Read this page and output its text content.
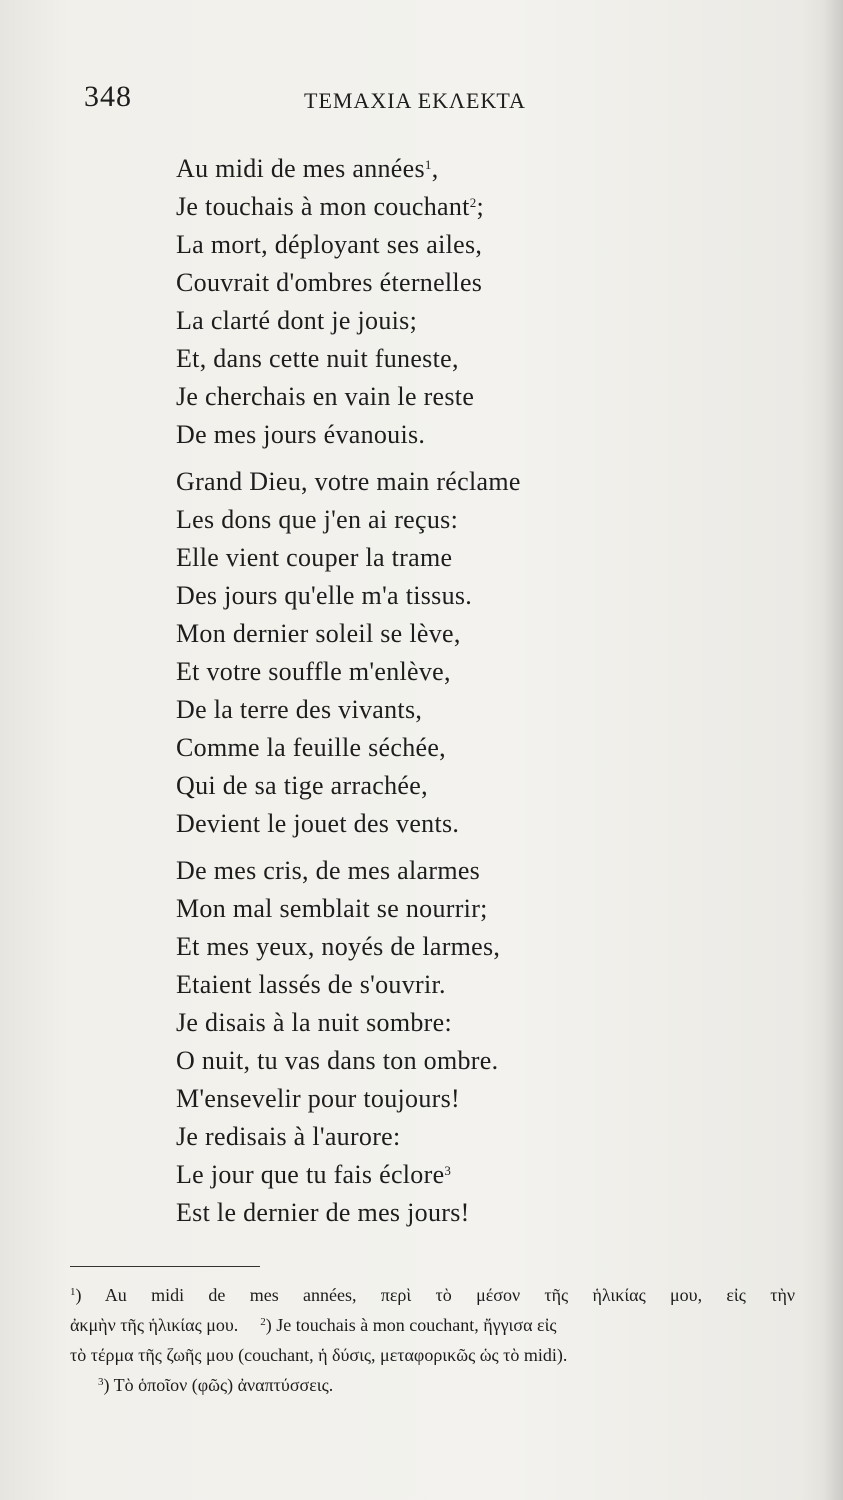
348	ΤΕΜΑΧΙΑ ΕΚΛΕΚΤΑ
Au midi de mes années$^1$,
Je touchais à mon couchant$^2$;
La mort, déployant ses ailes,
Couvrait d'ombres éternelles
La clarté dont je jouis;
Et, dans cette nuit funeste,
Je cherchais en vain le reste
De mes jours évanouis.
Grand Dieu, votre main réclame
Les dons que j'en ai reçus:
Elle vient couper la trame
Des jours qu'elle m'a tissus.
Mon dernier soleil se lève,
Et votre souffle m'enlève,
De la terre des vivants,
Comme la feuille séchée,
Qui de sa tige arrachée,
Devient le jouet des vents.
De mes cris, de mes alarmes
Mon mal semblait se nourrir;
Et mes yeux, noyés de larmes,
Etaient lassés de s'ouvrir.
Je disais à la nuit sombre:
O nuit, tu vas dans ton ombre.
M'ensevelir pour toujours!
Je redisais à l'aurore:
Le jour que tu fais éclore$^3$
Est le dernier de mes jours!
$^1$) Au midi de mes années, περὶ τὸ μέσον τῆς ἡλικίας μου, εἰς τὴν
ἀκμὴν τῆς ἡλικίας μου. $^2$) Je touchais à mon couchant, ἤγγισα εἰς
τὸ τέρμα τῆς ζωῆς μου (couchant, ἡ δύσις, μεταφορικῶς ὡς τὸ midi).
$^3$) Τὸ ὁποῖον (φῶς) ἀναπτύσσεις.
